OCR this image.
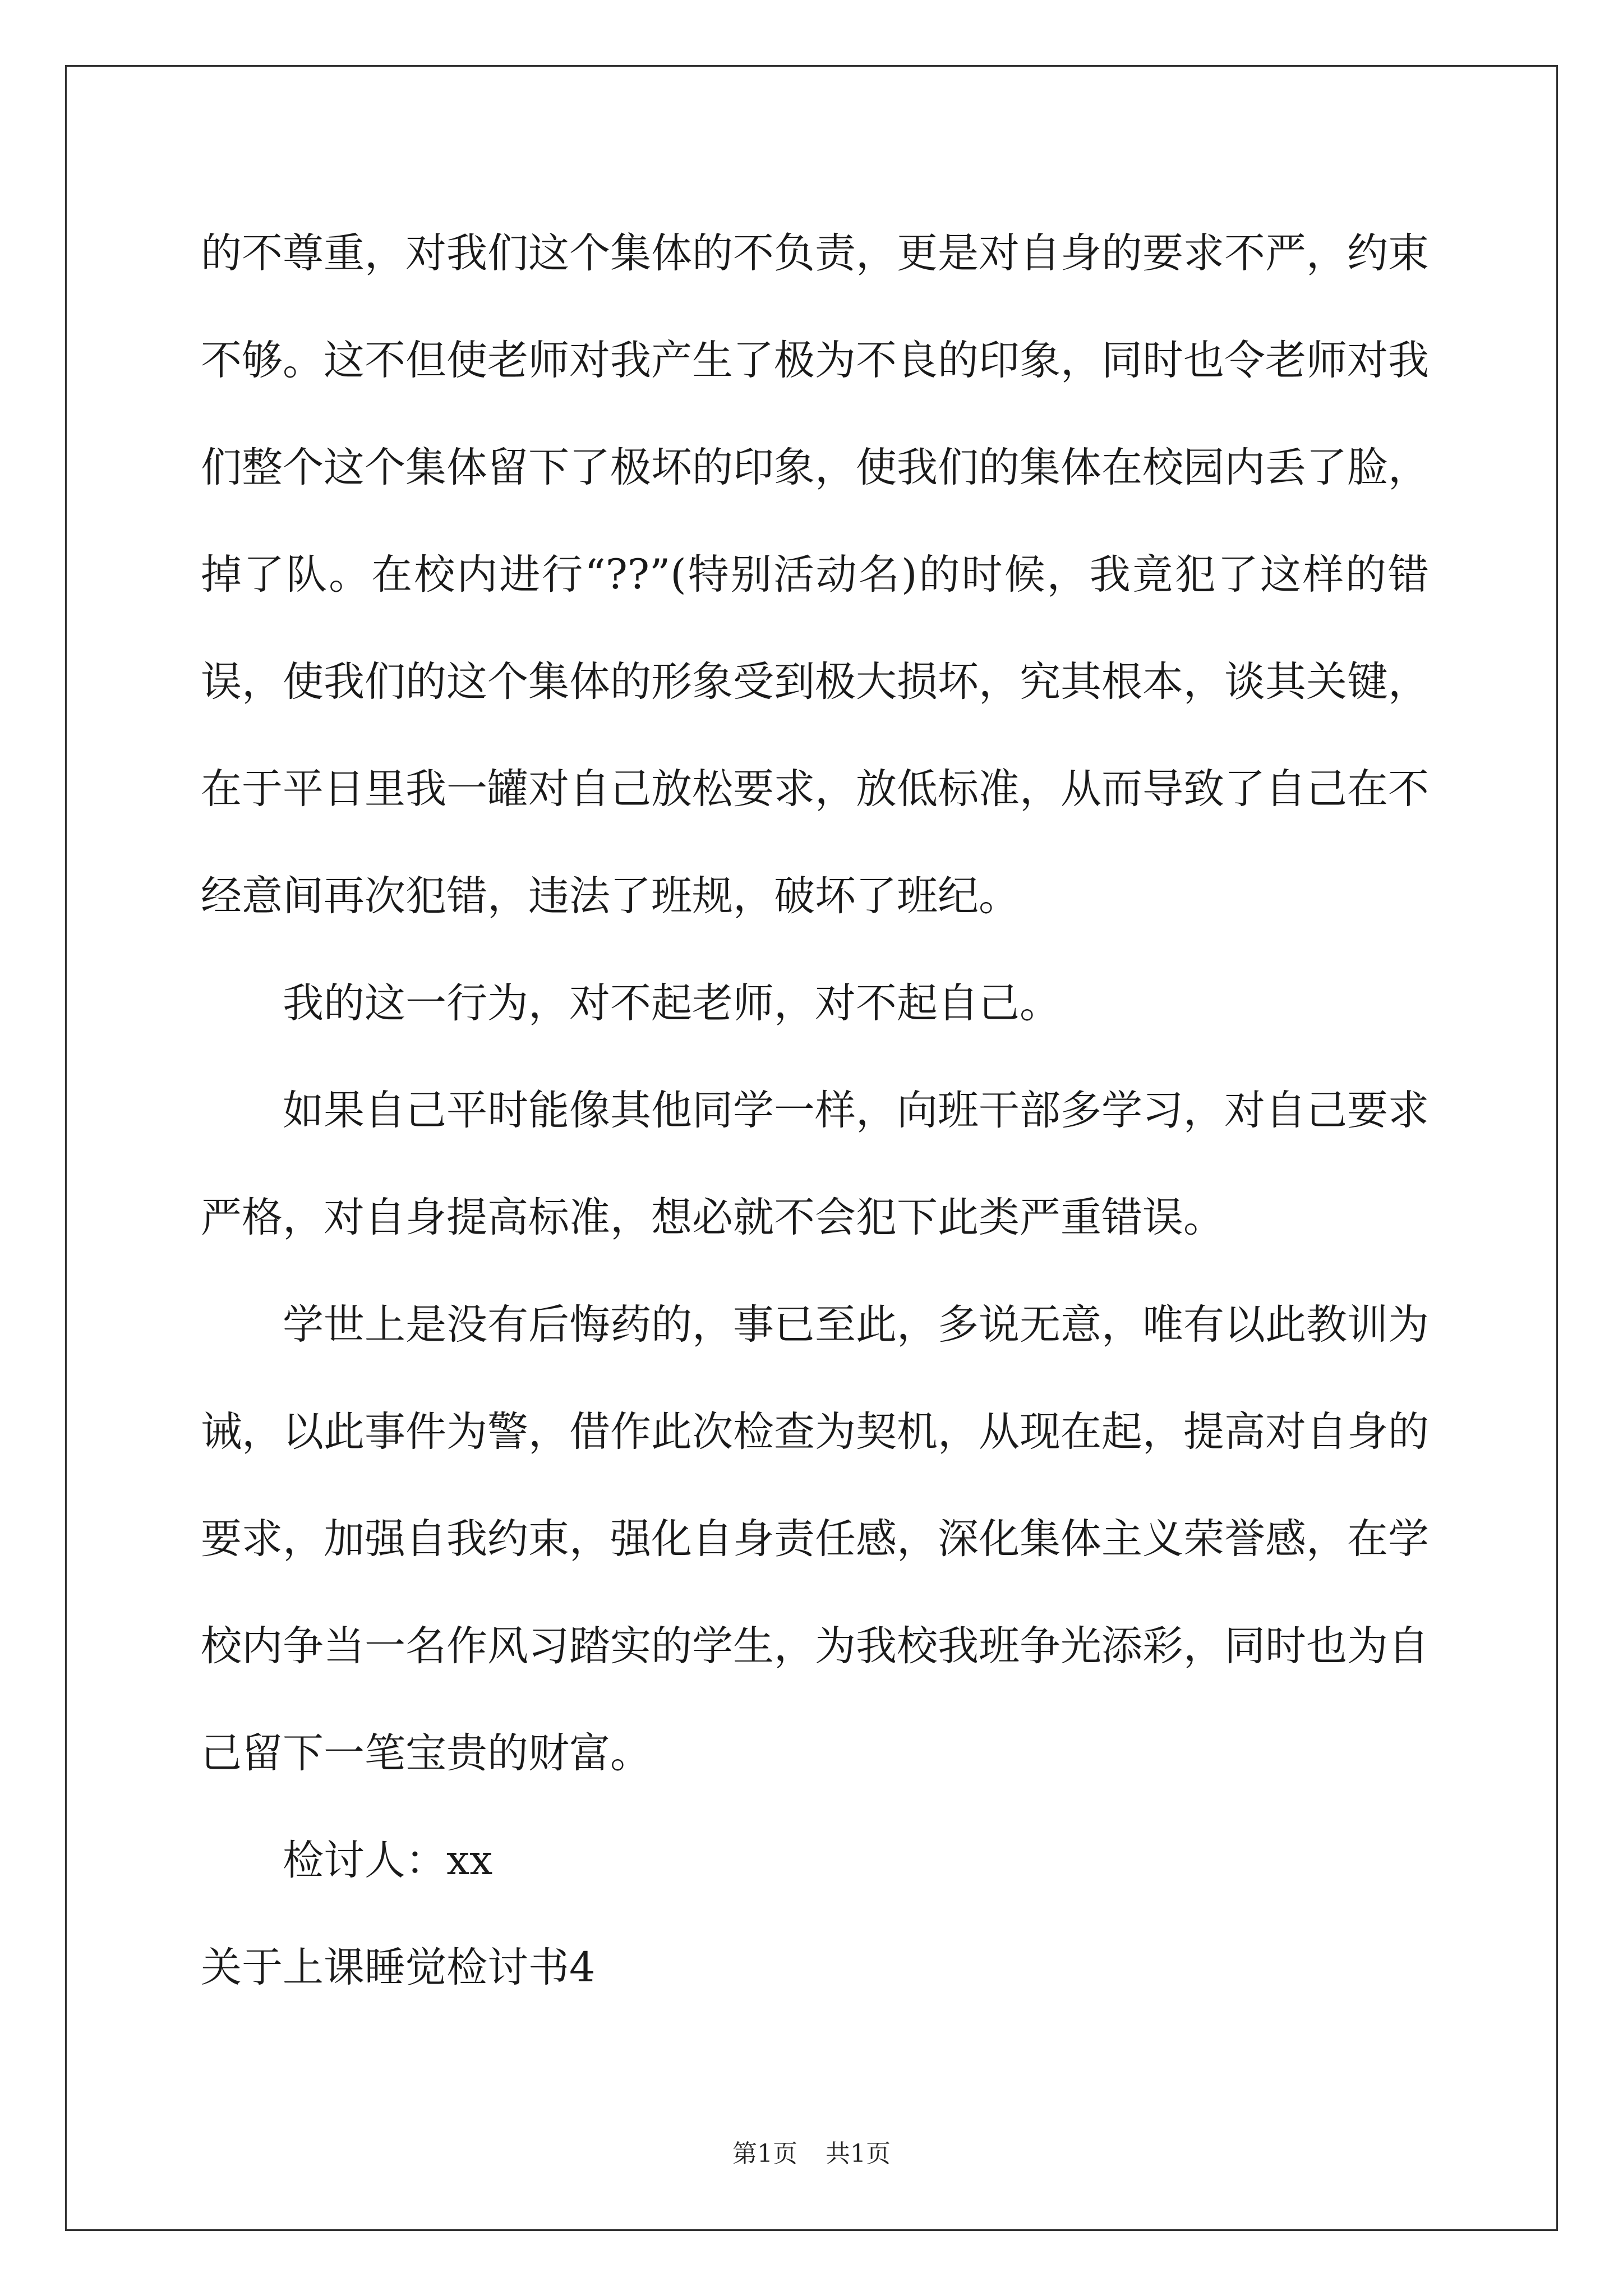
的不尊重，对我们这个集体的不负责，更是对自身的要求不严，约束不够。这不但使老师对我产生了极为不良的印象，同时也令老师对我们整个这个集体留下了极坏的印象，使我们的集体在校园内丢了脸，掉了队。在校内进行“??”(特别活动名)的时候，我竟犯了这样的错误，使我们的这个集体的形象受到极大损坏，究其根本，谈其关键，在于平日里我一罐对自己放松要求，放低标准，从而导致了自己在不经意间再次犯错，违法了班规，破坏了班纪。

我的这一行为，对不起老师，对不起自己。

如果自己平时能像其他同学一样，向班干部多学习，对自己要求严格，对自身提高标准，想必就不会犯下此类严重错误。

学世上是没有后悔药的，事已至此，多说无意，唯有以此教训为诫，以此事件为警，借作此次检查为契机，从现在起，提高对自身的要求，加强自我约束，强化自身责任感，深化集体主义荣誉感，在学校内争当一名作风习踏实的学生，为我校我班争光添彩，同时也为自己留下一笔宝贵的财富。

检讨人：xx

关于上课睡觉检讨书4

第1页 共1页
